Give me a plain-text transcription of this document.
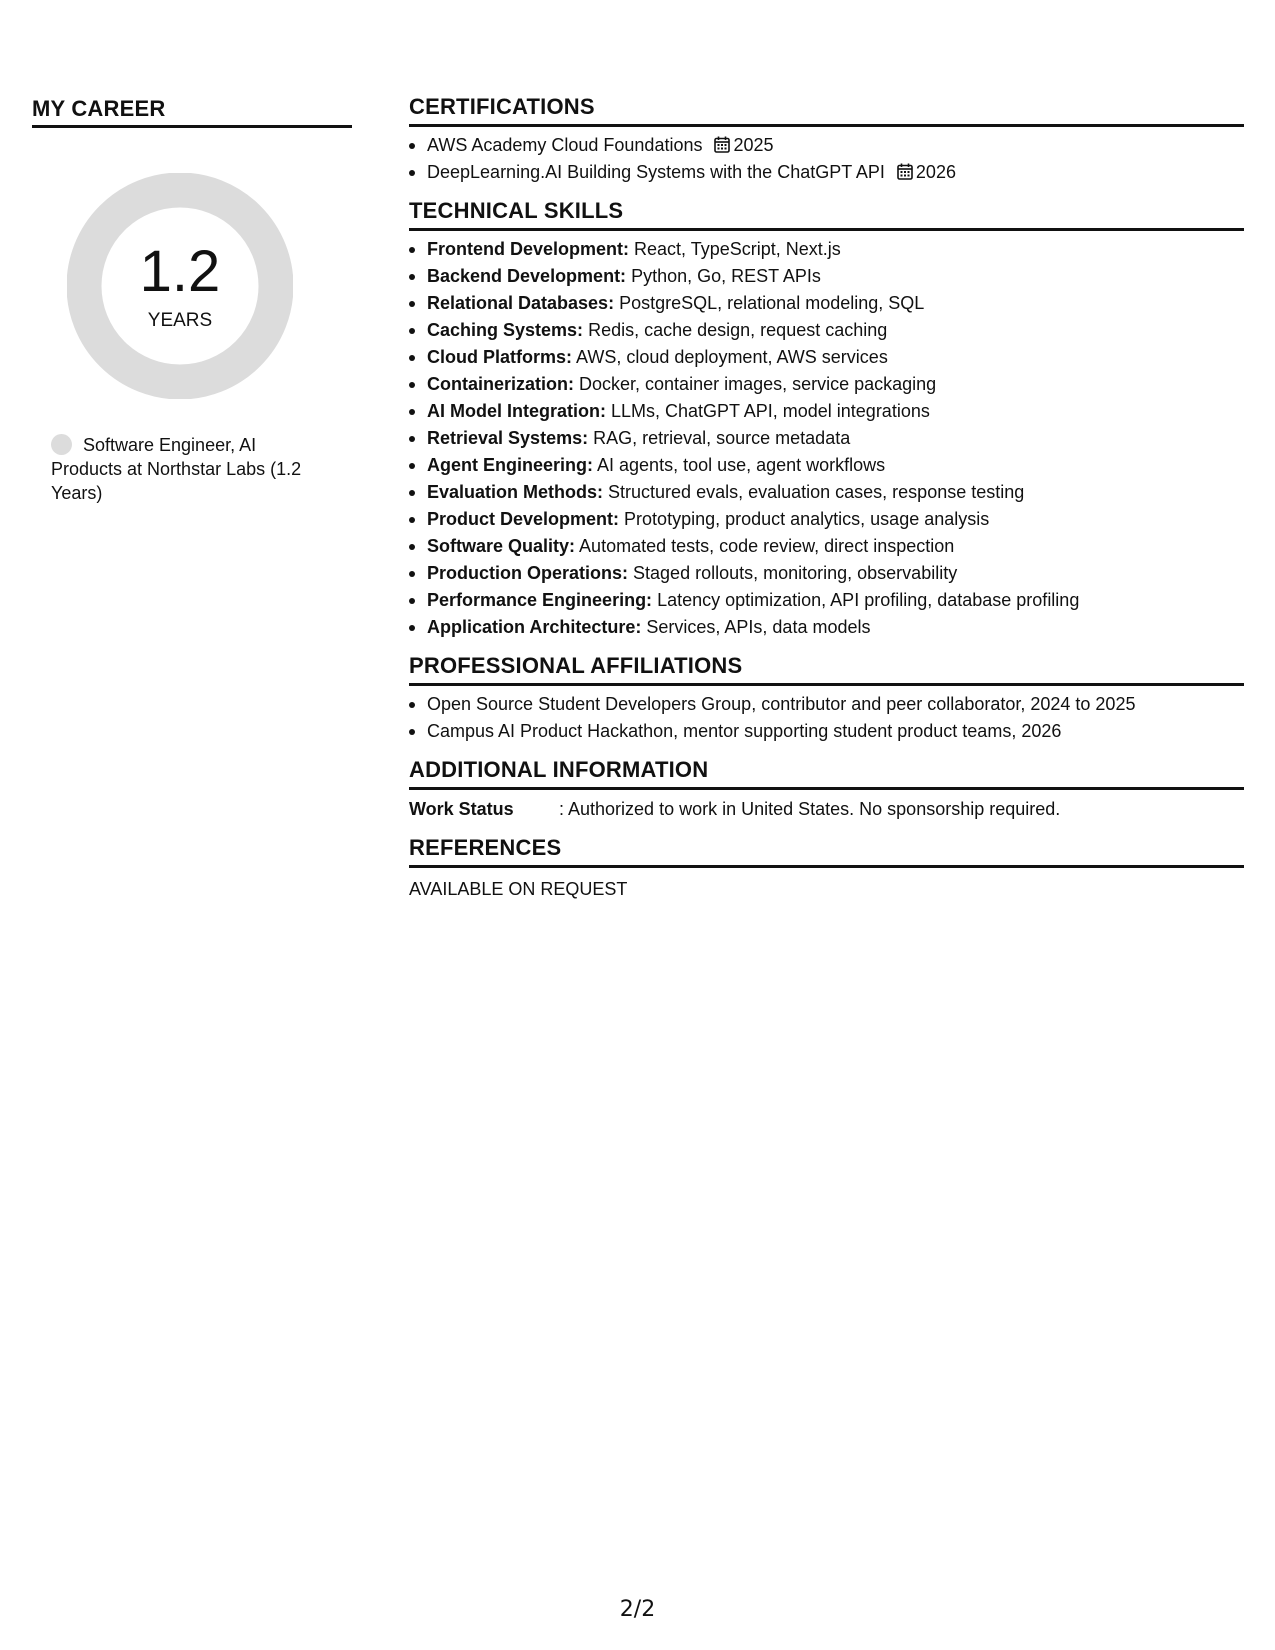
MY CAREER
1.2
YEARS
Software Engineer, AI Products at Northstar Labs (1.2 Years)
CERTIFICATIONS
AWS Academy Cloud Foundations 2025
DeepLearning.AI Building Systems with the ChatGPT API 2026
TECHNICAL SKILLS
Frontend Development: React, TypeScript, Next.js
Backend Development: Python, Go, REST APIs
Relational Databases: PostgreSQL, relational modeling, SQL
Caching Systems: Redis, cache design, request caching
Cloud Platforms: AWS, cloud deployment, AWS services
Containerization: Docker, container images, service packaging
AI Model Integration: LLMs, ChatGPT API, model integrations
Retrieval Systems: RAG, retrieval, source metadata
Agent Engineering: AI agents, tool use, agent workflows
Evaluation Methods: Structured evals, evaluation cases, response testing
Product Development: Prototyping, product analytics, usage analysis
Software Quality: Automated tests, code review, direct inspection
Production Operations: Staged rollouts, monitoring, observability
Performance Engineering: Latency optimization, API profiling, database profiling
Application Architecture: Services, APIs, data models
PROFESSIONAL AFFILIATIONS
Open Source Student Developers Group, contributor and peer collaborator, 2024 to 2025
Campus AI Product Hackathon, mentor supporting student product teams, 2026
ADDITIONAL INFORMATION
Work Status	: Authorized to work in United States. No sponsorship required.
REFERENCES
AVAILABLE ON REQUEST
2/2
